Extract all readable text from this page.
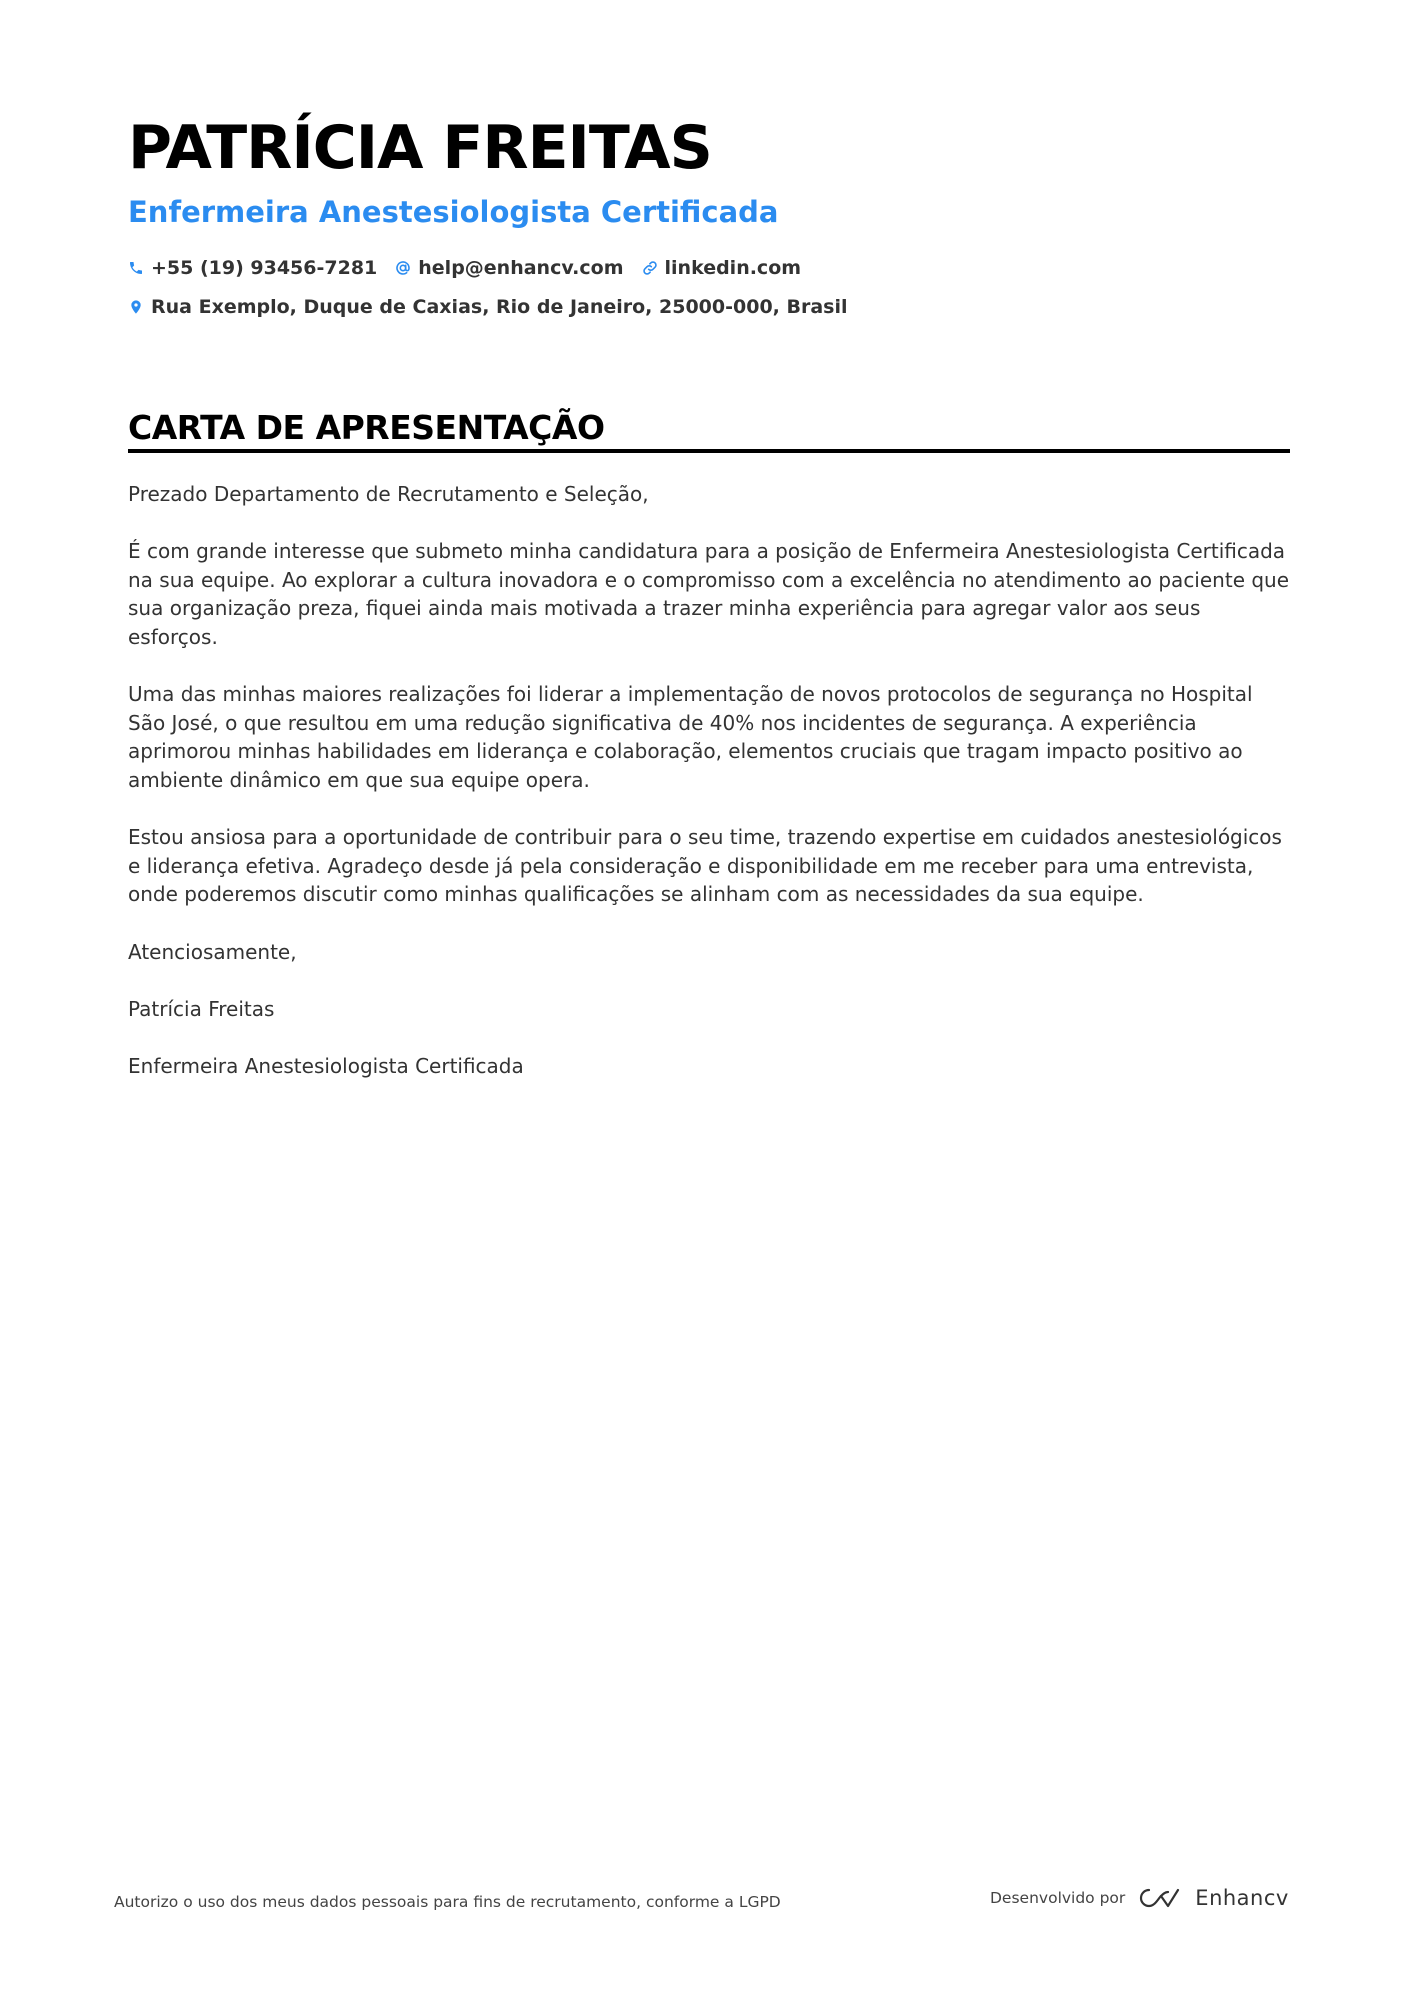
PATRÍCIA FREITAS
Enfermeira Anestesiologista Certificada
+55 (19) 93456-7281 help@enhancv.com linkedin.com
Rua Exemplo, Duque de Caxias, Rio de Janeiro, 25000-000, Brasil
CARTA DE APRESENTAÇÃO

Prezado Departamento de Recrutamento e Seleção,

É com grande interesse que submeto minha candidatura para a posição de Enfermeira Anestesiologista Certificada na sua equipe. Ao explorar a cultura inovadora e o compromisso com a excelência no atendimento ao paciente que sua organização preza, fiquei ainda mais motivada a trazer minha experiência para agregar valor aos seus esforços.

Uma das minhas maiores realizações foi liderar a implementação de novos protocolos de segurança no Hospital São José, o que resultou em uma redução significativa de 40% nos incidentes de segurança. A experiência aprimorou minhas habilidades em liderança e colaboração, elementos cruciais que tragam impacto positivo ao ambiente dinâmico em que sua equipe opera.

Estou ansiosa para a oportunidade de contribuir para o seu time, trazendo expertise em cuidados anestesiológicos e liderança efetiva. Agradeço desde já pela consideração e disponibilidade em me receber para uma entrevista, onde poderemos discutir como minhas qualificações se alinham com as necessidades da sua equipe.

Atenciosamente,

Patrícia Freitas

Enfermeira Anestesiologista Certificada

Autorizo o uso dos meus dados pessoais para fins de recrutamento, conforme a LGPD	Desenvolvido por	Enhancv
